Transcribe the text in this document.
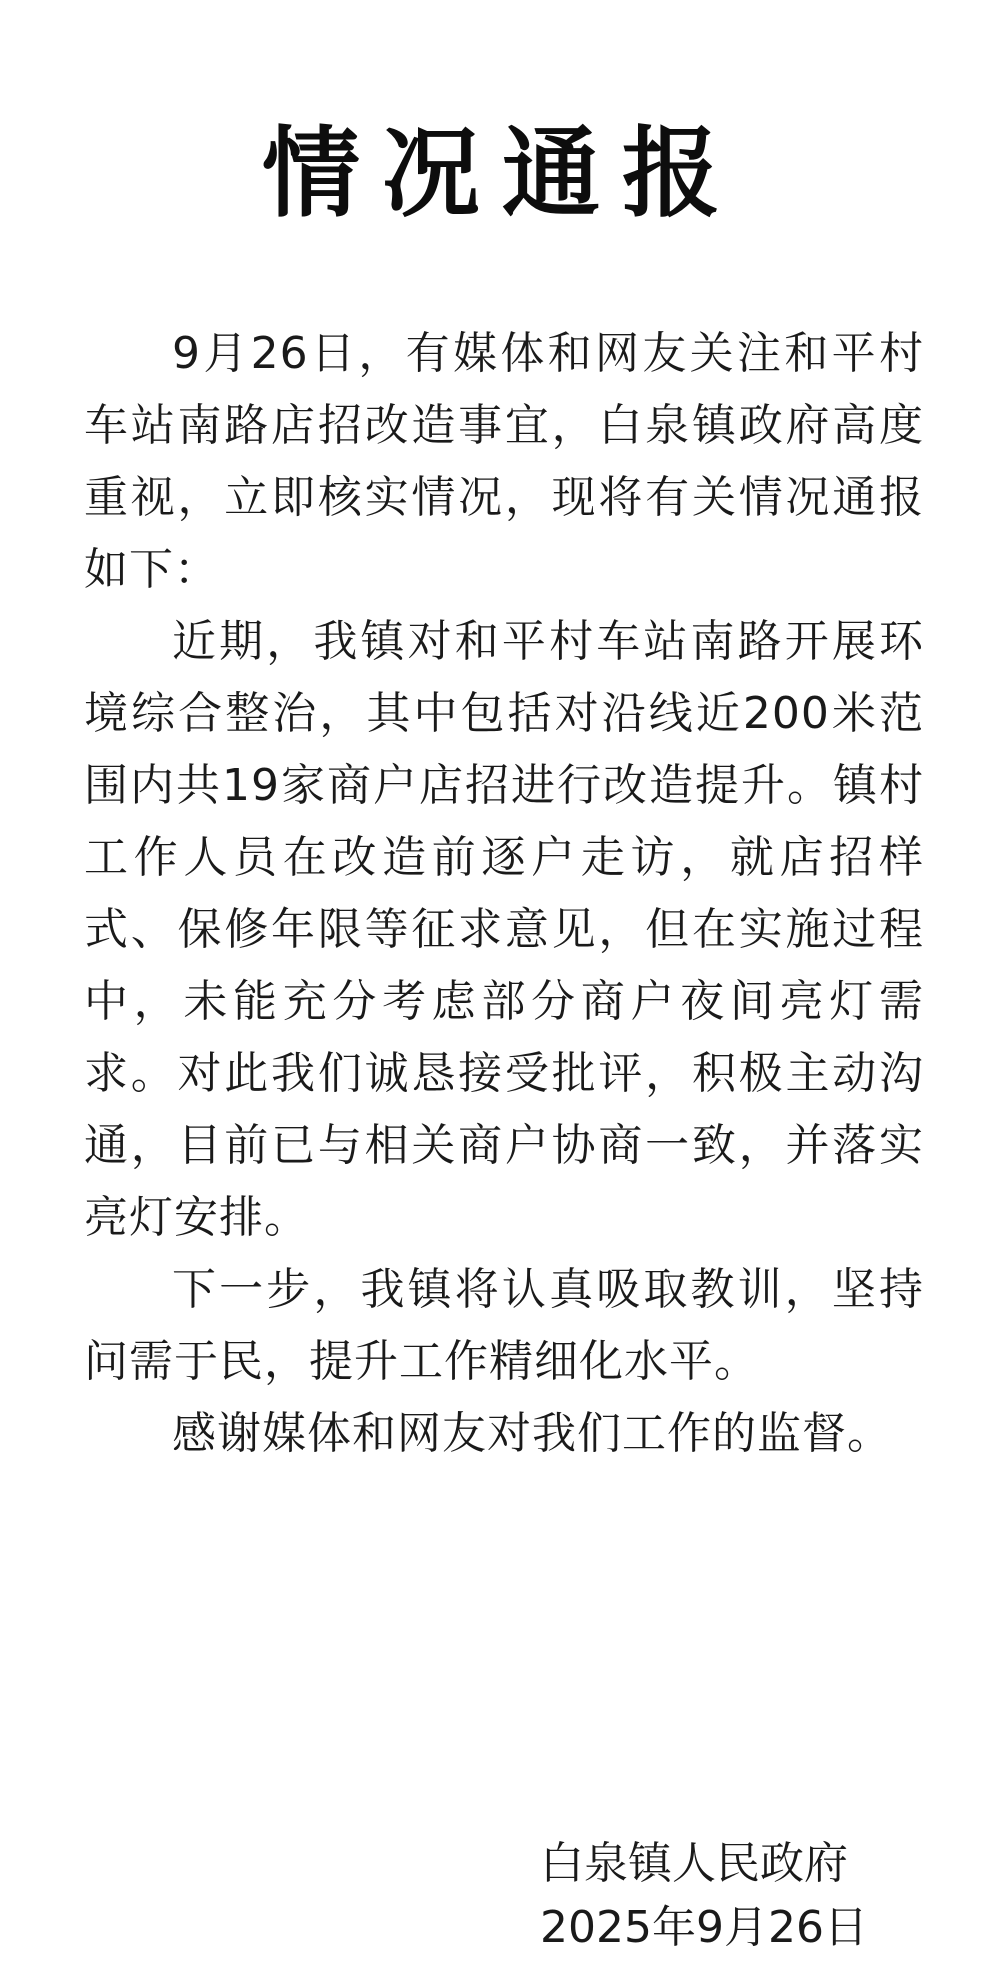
情况通报

9月26日，有媒体和网友关注和平村车站南路店招改造事宜，白泉镇政府高度重视，立即核实情况，现将有关情况通报如下：

近期，我镇对和平村车站南路开展环境综合整治，其中包括对沿线近200米范围内共19家商户店招进行改造提升。镇村工作人员在改造前逐户走访，就店招样式、保修年限等征求意见，但在实施过程中，未能充分考虑部分商户夜间亮灯需求。对此我们诚恳接受批评，积极主动沟通，目前已与相关商户协商一致，并落实亮灯安排。

下一步，我镇将认真吸取教训，坚持问需于民，提升工作精细化水平。

感谢媒体和网友对我们工作的监督。

白泉镇人民政府
2025年9月26日
